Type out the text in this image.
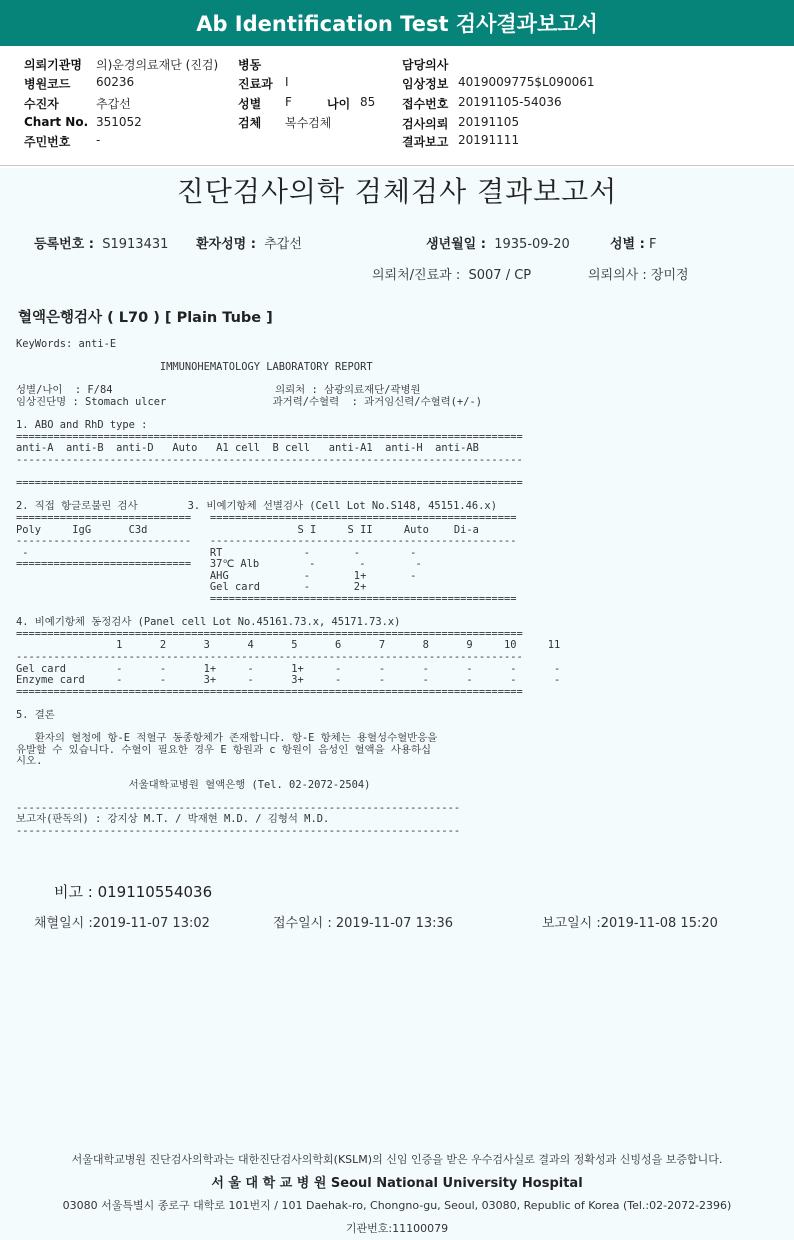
Ab Identification Test 검사결과보고서
의뢰기관명 의)운경의료재단 (진검) 병동	담당의사
병원코드 60236	진료과 I	임상정보 4019009775$L090061
수진자	추갑선	성별 F	나이 85 접수번호 20191105-54036
Chart No. 351052	검체 복수검체	검사의뢰 20191105
주민번호 -	결과보고 20191111
진단검사의학 검체검사 결과보고서
등록번호 : S1913431 환자성명 : 추갑선	생년월일 : 1935-09-20	성별 : F
의뢰처/진료과 : S007 / CP	의뢰의사 : 장미정
혈액은행검사 ( L70 ) [ Plain Tube ]
KeyWords: anti-E
IMMUNOHEMATOLOGY LABORATORY REPORT
성별/나이  : F/84                          의뢰처 : 삼광의료재단/곽병원
임상진단명 : Stomach ulcer                 과거력/수혈력  : 과거임신력/수혈력(+/-)
1. ABO and RhD type :
=================================================================================
anti-A  anti-B  anti-D   Auto   A1 cell  B cell   anti-A1  anti-H  anti-AB
---------------------------------------------------------------------------------
=================================================================================
2. 직접 항글로불린 검사        3. 비예기항체 선별검사 (Cell Lot No.S148, 45151.46.x)
============================   =================================================
Poly     IgG      C3d                        S I     S II     Auto    Di-a
----------------------------   -------------------------------------------------
-                             RT             -       -        -
============================   37℃ Alb        -       -        -
AHG            -       1+       -
Gel card       -       2+
=================================================
4. 비예기항체 동정검사 (Panel cell Lot No.45161.73.x, 45171.73.x)
=================================================================================
1      2      3      4      5      6      7      8      9     10     11
---------------------------------------------------------------------------------
Gel card        -      -      1+     -      1+     -      -      -      -      -      -
Enzyme card     -      -      3+     -      3+     -      -      -      -      -      -
=================================================================================
5. 결론
환자의 혈청에 항-E 적혈구 동종항체가 존재합니다. 항-E 항체는 용혈성수혈반응을
유발할 수 있습니다. 수혈이 필요한 경우 E 항원과 c 항원이 음성인 혈액을 사용하십
시오.
서울대학교병원 혈액은행 (Tel. 02-2072-2504)
-----------------------------------------------------------------------
보고자(판독의) : 강지상 M.T. / 박재현 M.D. / 김형석 M.D.
-----------------------------------------------------------------------
비고 : 019110554036
채혈일시 :2019-11-07 13:02	접수일시 : 2019-11-07 13:36	보고일시 :2019-11-08 15:20
서울대학교병원 진단검사의학과는 대한진단검사의학회(KSLM)의 신임 인증을 받은 우수검사실로 결과의 정확성과 신빙성을 보증합니다.
서 울 대 학 교 병 원 Seoul National University Hospital
03080 서울특별시 종로구 대학로 101번지 / 101 Daehak-ro, Chongno-gu, Seoul, 03080, Republic of Korea (Tel.:02-2072-2396)
기관번호:11100079
